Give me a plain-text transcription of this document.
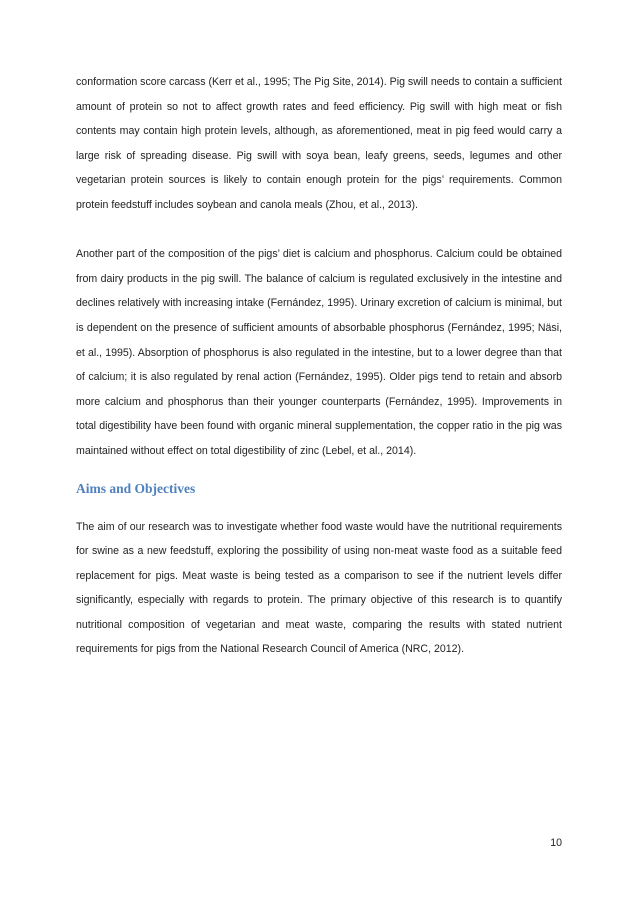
conformation score carcass (Kerr et al., 1995; The Pig Site, 2014). Pig swill needs to contain a sufficient amount of protein so not to affect growth rates and feed efficiency. Pig swill with high meat or fish contents may contain high protein levels, although, as aforementioned, meat in pig feed would carry a large risk of spreading disease. Pig swill with soya bean, leafy greens, seeds, legumes and other vegetarian protein sources is likely to contain enough protein for the pigs’ requirements. Common protein feedstuff includes soybean and canola meals (Zhou, et al., 2013).

Another part of the composition of the pigs’ diet is calcium and phosphorus. Calcium could be obtained from dairy products in the pig swill. The balance of calcium is regulated exclusively in the intestine and declines relatively with increasing intake (Fernández, 1995). Urinary excretion of calcium is minimal, but is dependent on the presence of sufficient amounts of absorbable phosphorus (Fernández, 1995; Näsi, et al., 1995). Absorption of phosphorus is also regulated in the intestine, but to a lower degree than that of calcium; it is also regulated by renal action (Fernández, 1995). Older pigs tend to retain and absorb more calcium and phosphorus than their younger counterparts (Fernández, 1995). Improvements in total digestibility have been found with organic mineral supplementation, the copper ratio in the pig was maintained without effect on total digestibility of zinc (Lebel, et al., 2014).

Aims and Objectives

The aim of our research was to investigate whether food waste would have the nutritional requirements for swine as a new feedstuff, exploring the possibility of using non-meat waste food as a suitable feed replacement for pigs. Meat waste is being tested as a comparison to see if the nutrient levels differ significantly, especially with regards to protein. The primary objective of this research is to quantify nutritional composition of vegetarian and meat waste, comparing the results with stated nutrient requirements for pigs from the National Research Council of America (NRC, 2012).

10
